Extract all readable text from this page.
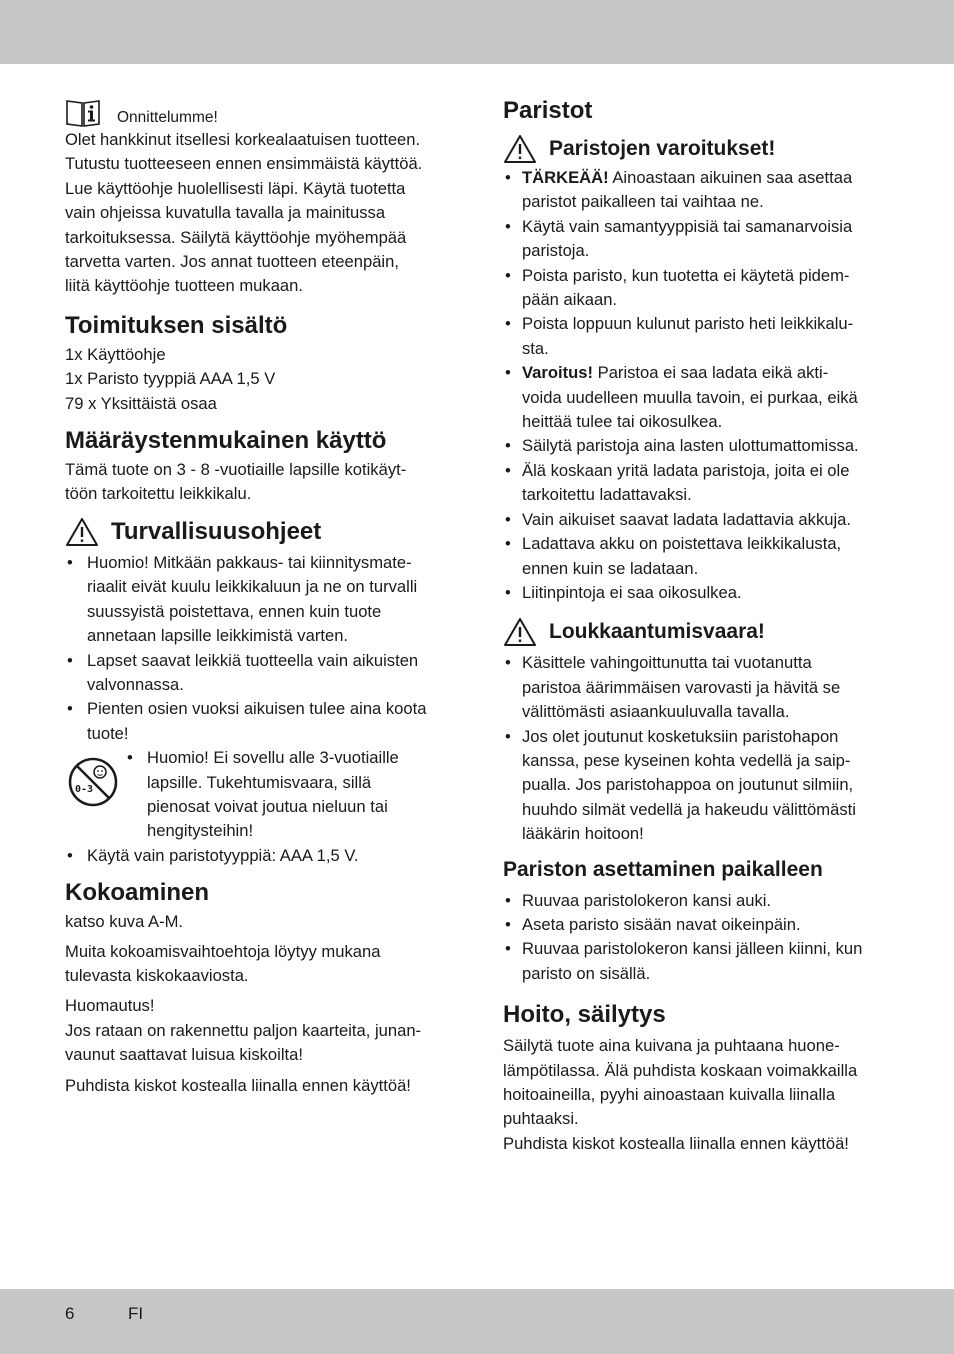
Onnittelumme!

Olet hankkinut itsellesi korkealaatuisen tuotteen.

Tutustu tuotteeseen ennen ensimmäistä käyttöä.

Lue käyttöohje huolellisesti läpi. Käytä tuotetta

vain ohjeissa kuvatulla tavalla ja mainitussa

tarkoituksessa. Säilytä käyttöohje myöhempää

tarvetta varten. Jos annat tuotteen eteenpäin,

liitä käyttöohje tuotteen mukaan.

Toimituksen sisältö

1x Käyttöohje

1x Paristo tyyppiä AAA 1,5 V

79 x Yksittäistä osaa

Määräystenmukainen käyttö

Tämä tuote on 3 - 8 -vuotiaille lapsille kotikäyt-

töön tarkoitettu leikkikalu.

Turvallisuusohjeet
• Huomio! Mitkään pakkaus- tai kiinnitysmate-
riaalit eivät kuulu leikkikaluun ja ne on turvalli
suussyistä poistettava, ennen kuin tuote
annetaan lapsille leikkimistä varten.
• Lapset saavat leikkiä tuotteella vain aikuisten
valvonnassa.
• Pienten osien vuoksi aikuisen tulee aina koota
tuote!
0-3
• Huomio! Ei sovellu alle 3-vuotiaille
lapsille. Tukehtumisvaara, sillä
pienosat voivat joutua nieluun tai
hengitysteihin!
• Käytä vain paristotyyppiä: AAA 1,5 V.
Kokoaminen

katso kuva A-M.

Muita kokoamisvaihtoehtoja löytyy mukana

tulevasta kiskokaaviosta.

Huomautus!

Jos rataan on rakennettu paljon kaarteita, junan-

vaunut saattavat luisua kiskoilta!

Puhdista kiskot kostealla liinalla ennen käyttöä!

Paristot
Paristojen varoitukset!
• TÄRKEÄÄ! Ainoastaan aikuinen saa asettaa
paristot paikalleen tai vaihtaa ne.
• Käytä vain samantyyppisiä tai samanarvoisia
paristoja.
• Poista paristo, kun tuotetta ei käytetä pidem-
pään aikaan.
• Poista loppuun kulunut paristo heti leikkikalu-
sta.
• Varoitus! Paristoa ei saa ladata eikä akti-
voida uudelleen muulla tavoin, ei purkaa, eikä
heittää tulee tai oikosulkea.
• Säilytä paristoja aina lasten ulottumattomissa.
• Älä koskaan yritä ladata paristoja, joita ei ole
tarkoitettu ladattavaksi.
• Vain aikuiset saavat ladata ladattavia akkuja.
• Ladattava akku on poistettava leikkikalusta,
ennen kuin se ladataan.
• Liitinpintoja ei saa oikosulkea.
Loukkaantumisvaara!
• Käsittele vahingoittunutta tai vuotanutta
paristoa äärimmäisen varovasti ja hävitä se
välittömästi asiaankuuluvalla tavalla.
• Jos olet joutunut kosketuksiin paristohapon
kanssa, pese kyseinen kohta vedellä ja saip-
pualla. Jos paristohappoa on joutunut silmiin,
huuhdo silmät vedellä ja hakeudu välittömästi
lääkärin hoitoon!
Pariston asettaminen paikalleen
• Ruuvaa paristolokeron kansi auki.
• Aseta paristo sisään navat oikeinpäin.
• Ruuvaa paristolokeron kansi jälleen kiinni, kun
paristo on sisällä.
Hoito, säilytys

Säilytä tuote aina kuivana ja puhtaana huone-

lämpötilassa. Älä puhdista koskaan voimakkailla

hoitoaineilla, pyyhi ainoastaan kuivalla liinalla

puhtaaksi.

Puhdista kiskot kostealla liinalla ennen käyttöä!

6	FI
